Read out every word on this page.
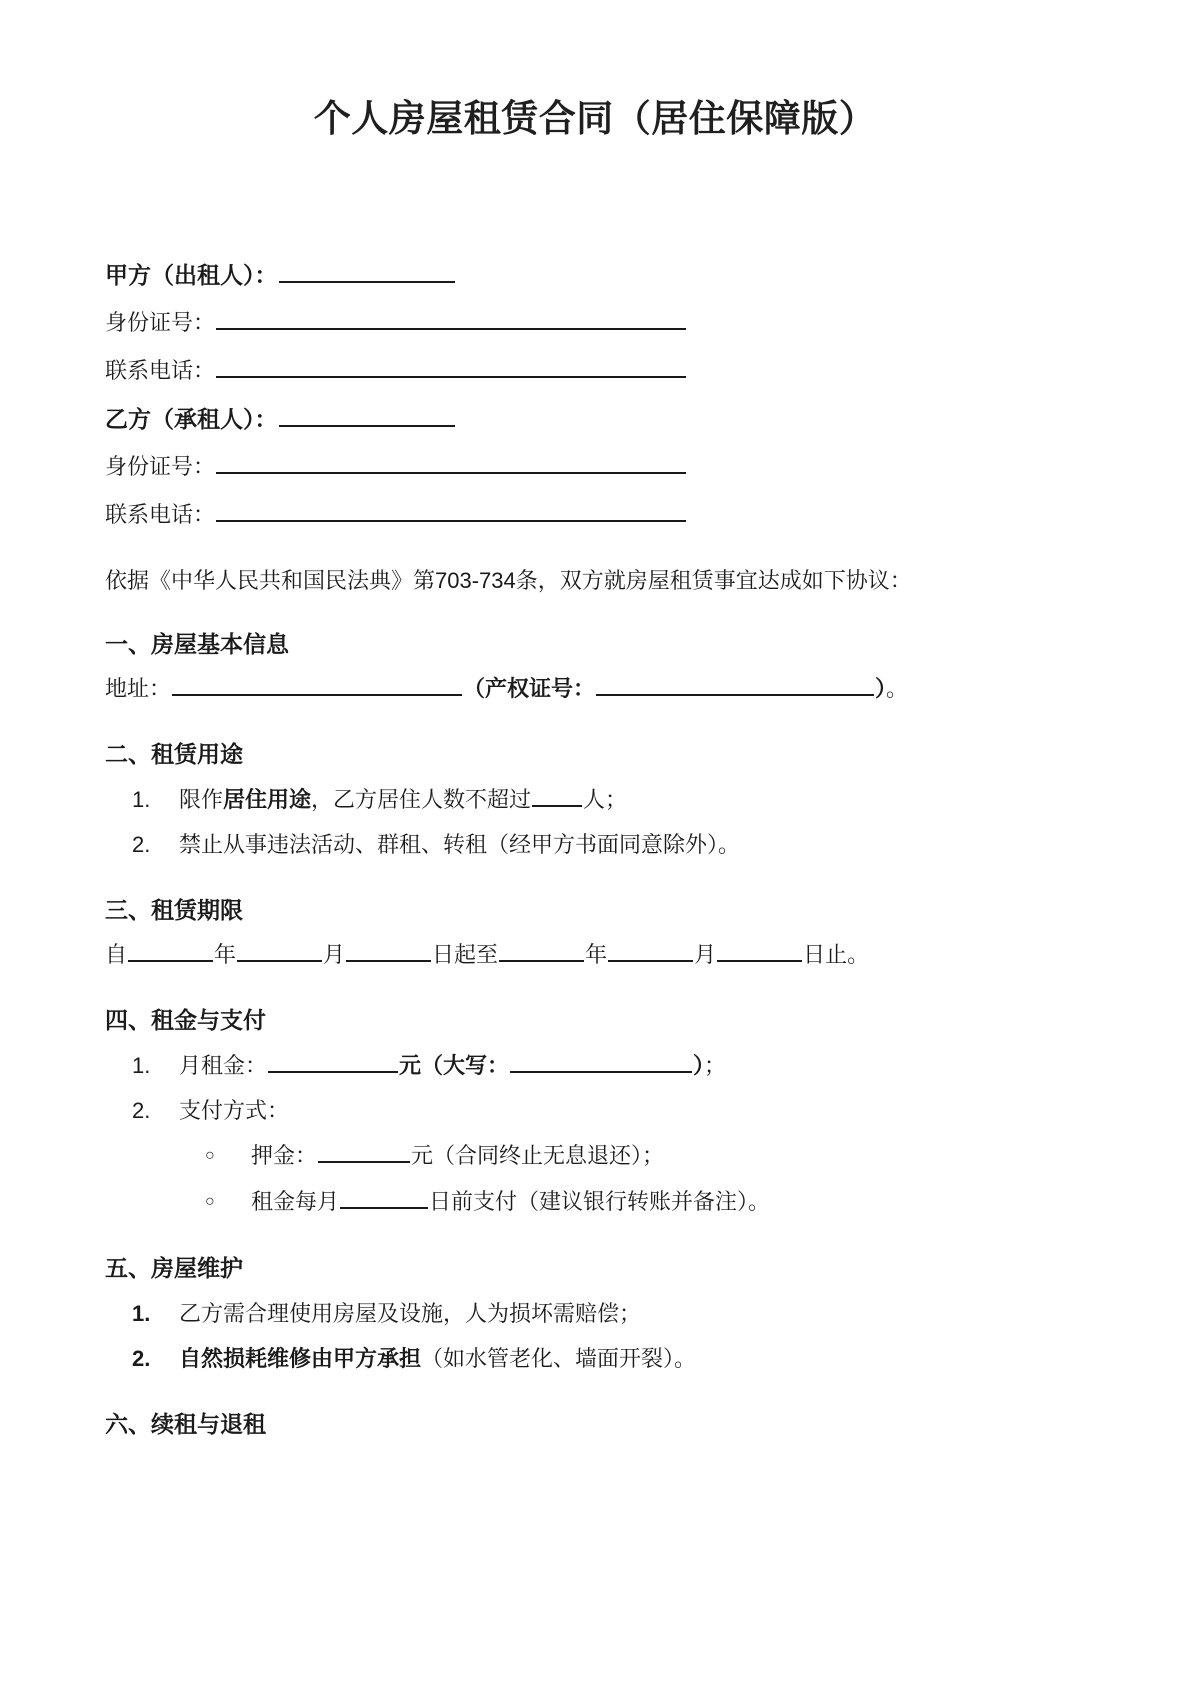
个人房屋租赁合同（居住保障版）
甲方（出租人）：
身份证号：
联系电话：
乙方（承租人）：
身份证号：
联系电话：
依据《中华人民共和国民法典》第703-734条，双方就房屋租赁事宜达成如下协议：
一、房屋基本信息
地址：	（产权证号：	）。
二、租赁用途
1.	限作居住用途，乙方居住人数不超过 人；
2.	禁止从事违法活动、群租、转租（经甲方书面同意除外）。
三、租赁期限
自	年	月	日起至	年	月	日止。
四、租金与支付
1.	月租金：	元（大写：	）；
2.	支付方式：
○ 押金：	元（合同终止无息退还）；
○ 租金每月	日前支付（建议银行转账并备注）。
五、房屋维护
1.	乙方需合理使用房屋及设施，人为损坏需赔偿；
2.	自然损耗维修由甲方承担（如水管老化、墙面开裂）。
六、续租与退租
